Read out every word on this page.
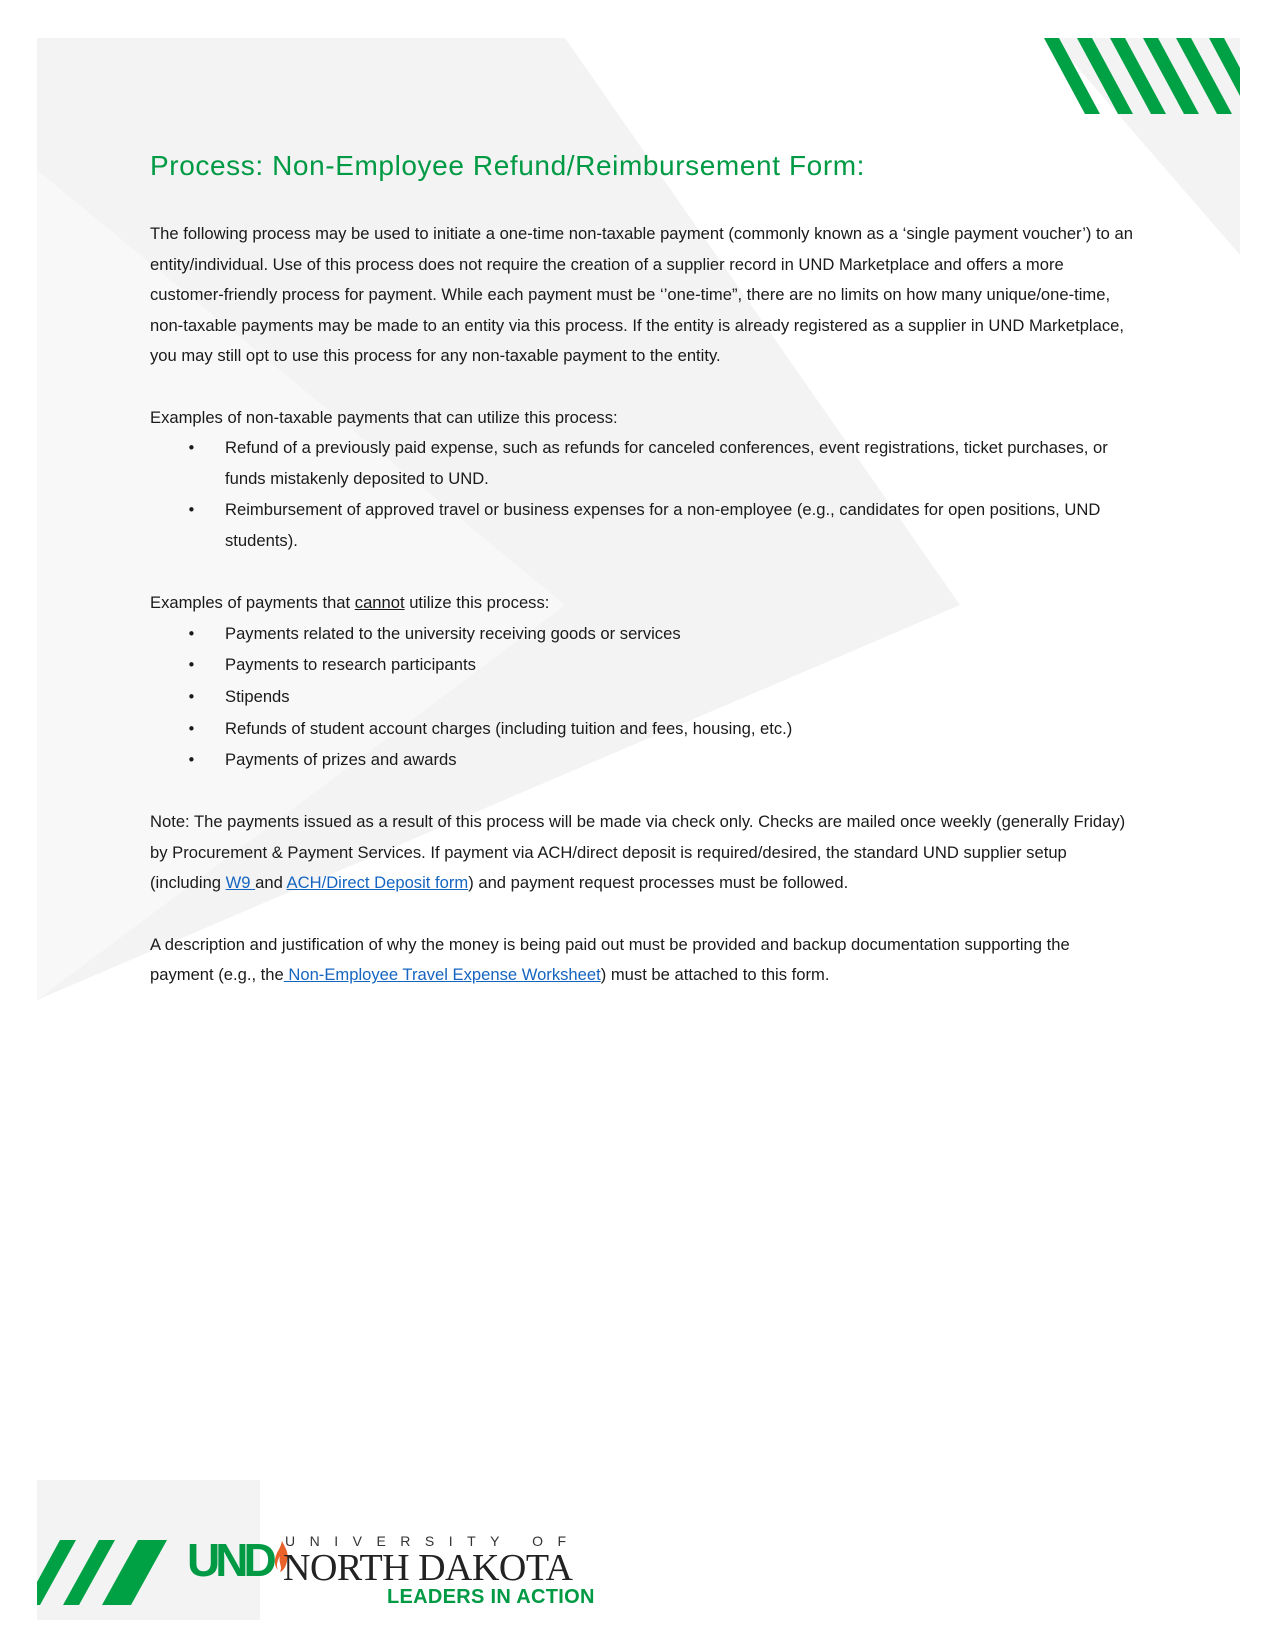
Process: Non-Employee Refund/Reimbursement Form:

The following process may be used to initiate a one-time non-taxable payment (commonly known as a ‘single payment voucher’) to an entity/individual. Use of this process does not require the creation of a supplier record in UND Marketplace and offers a more customer-friendly process for payment. While each payment must be ‘’one-time”, there are no limits on how many unique/one-time, non-taxable payments may be made to an entity via this process. If the entity is already registered as a supplier in UND Marketplace, you may still opt to use this process for any non-taxable payment to the entity.

Examples of non-taxable payments that can utilize this process:

• Refund of a previously paid expense, such as refunds for canceled conferences, event registrations, ticket purchases, or funds mistakenly deposited to UND.
• Reimbursement of approved travel or business expenses for a non-employee (e.g., candidates for open positions, UND students).

Examples of payments that cannot utilize this process:

• Payments related to the university receiving goods or services
• Payments to research participants
• Stipends
• Refunds of student account charges (including tuition and fees, housing, etc.)
• Payments of prizes and awards

Note: The payments issued as a result of this process will be made via check only. Checks are mailed once weekly (generally Friday) by Procurement & Payment Services. If payment via ACH/direct deposit is required/desired, the standard UND supplier setup (including W9 and ACH/Direct Deposit form) and payment request processes must be followed.

A description and justification of why the money is being paid out must be provided and backup documentation supporting the payment (e.g., the Non-Employee Travel Expense Worksheet) must be attached to this form.

UND UNIVERSITY OF
NORTH DAKOTA
LEADERS IN ACTION
